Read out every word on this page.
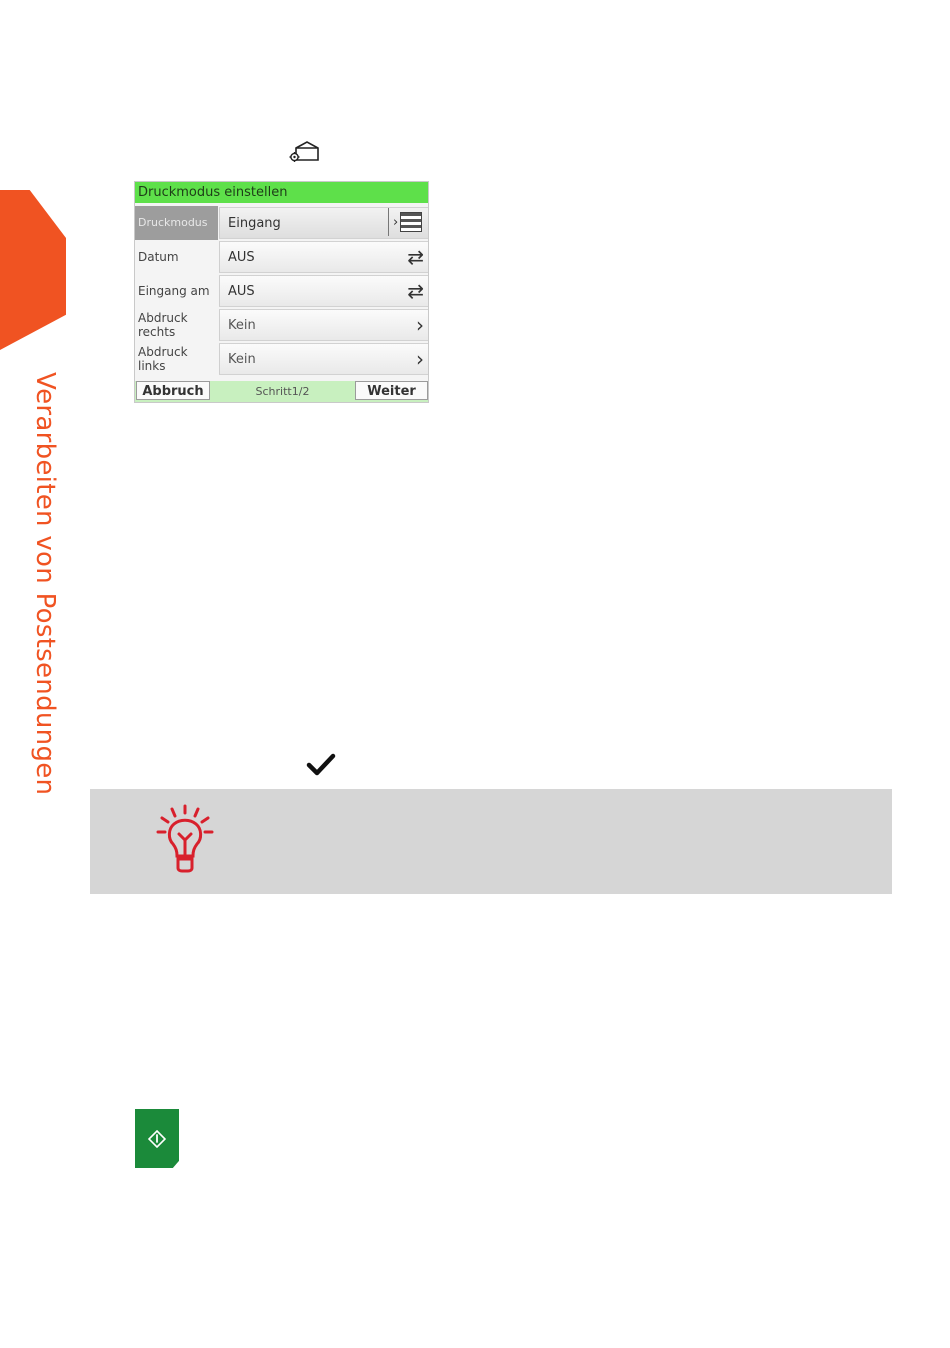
Verarbeiten von Postsendungen
Druckmodus einstellen
Druckmodus	Eingang	›
Datum	AUS	⇄
Eingang am	AUS	⇄
Abdruck rechts	Kein	›
Abdruck links	Kein	›
Abbruch	Schritt1/2	Weiter
